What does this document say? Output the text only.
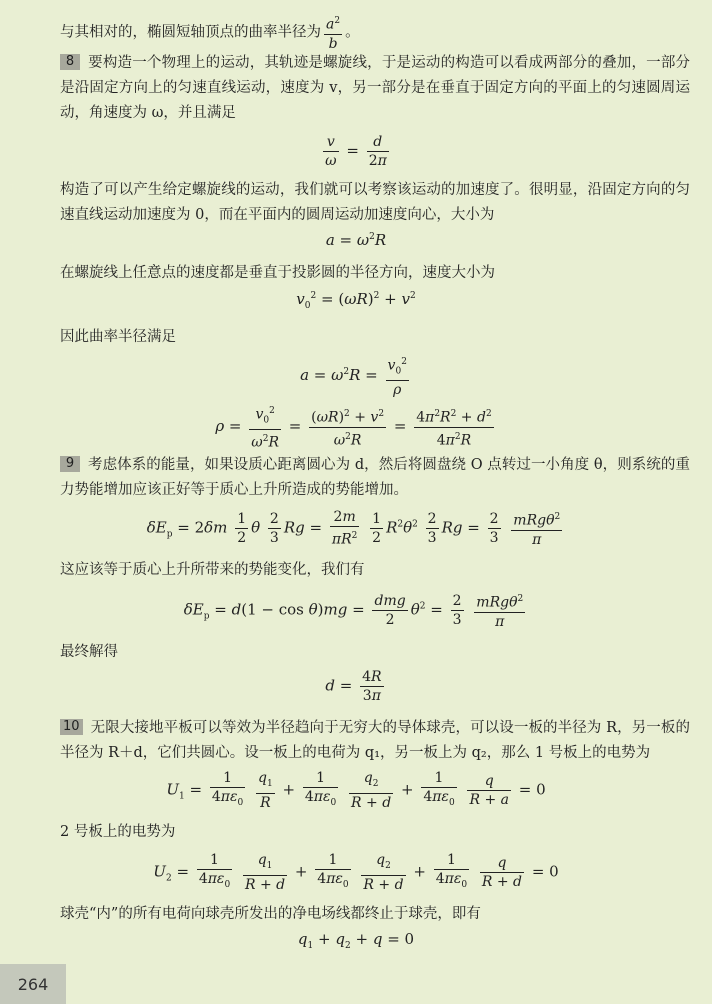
与其相对的，椭圆短轴顶点的曲率半径为 $\frac{a^2}{b}$ 。
8 要构造一个物理上的运动，其轨迹是螺旋线，于是运动的构造可以看成两部分的叠加，一部分是沿固定方向上的匀速直线运动，速度为 v，另一部分是在垂直于固定方向的平面上的匀速圆周运动，角速度为 ω，并且满足
$\frac{v}{\omega} = \frac{d}{2\pi}$
构造了可以产生给定螺旋线的运动，我们就可以考察该运动的加速度了。很明显，沿固定方向的匀速直线运动加速度为 0，而在平面内的圆周运动加速度向心，大小为
$a = \omega^2R$
在螺旋线上任意点的速度都是垂直于投影圆的半径方向，速度大小为
$v_0^2 = (\omega R)^2 + v^2$
因此曲率半径满足
$a = \omega^2R = \frac{v_0^2}{\rho}$
$\rho = \frac{v_0^2}{\omega^2R} = \frac{(\omega R)^2 + v^2}{\omega^2R} = \frac{4\pi^2R^2 + d^2}{4\pi^2R}$
9 考虑体系的能量，如果设质心距离圆心为 d，然后将圆盘绕 O 点转过一小角度 θ，则系统的重力势能增加应该正好等于质心上升所造成的势能增加。
$\delta E_p = 2\delta m \frac{1}{2}$ θ $\frac{2}{3}$ $Rg = \frac{2m}{\pi R^2}$
$\frac{1}{2} R^2\theta^2 \frac{2}{3}$ $Rg = \frac{2}{3}$
$\frac{mRg\theta^2}{\pi}$
这应该等于质心上升所带来的势能变化，我们有
$\delta E_p = d(1 - \cos \theta)mg = \frac{\text{dmg}}{2} \theta^2 = \frac{2}{3}$
$\frac{mRg\theta^2}{\pi}$
最终解得
$d = \frac{4R}{3\pi}$
10 无限大接地平板可以等效为半径趋向于无穷大的导体球壳，可以设一板的半径为 R，另一板的半径为 R＋d，它们共圆心。设一板上的电荷为 q₁，另一板上为 q₂，那么 1 号板上的电势为
$U_1 = \frac{1}{4\pi\varepsilon_0}$
$\frac{q_1}{R} + \frac{1}{4\pi\varepsilon_0}$
$\frac{q_2}{R + d} + \frac{1}{4\pi\varepsilon_0}$
$\frac{q}{R + a} = 0$
2 号板上的电势为
$U_2 = \frac{1}{4\pi\varepsilon_0}$
$\frac{q_1}{R + d} + \frac{1}{4\pi\varepsilon_0}$
$\frac{q_2}{R + d} + \frac{1}{4\pi\varepsilon_0}$
$\frac{q}{R + d} = 0$
球壳“内”的所有电荷向球壳所发出的净电场线都终止于球壳，即有
$q_1 + q_2 + q = 0$
264
